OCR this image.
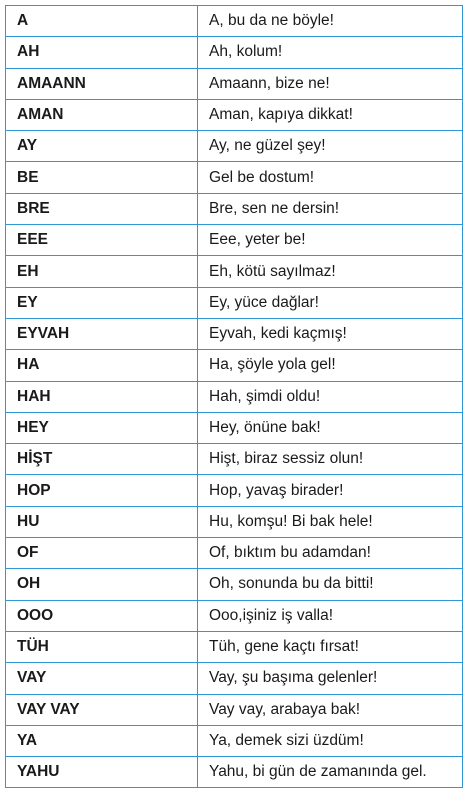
A	A, bu da ne böyle!
AH	Ah, kolum!
AMAANN	Amaann, bize ne!
AMAN	Aman, kapıya dikkat!
AY	Ay, ne güzel şey!
BE	Gel be dostum!
BRE	Bre, sen ne dersin!
EEE	Eee, yeter be!
EH	Eh, kötü sayılmaz!
EY	Ey, yüce dağlar!
EYVAH	Eyvah, kedi kaçmış!
HA	Ha, şöyle yola gel!
HAH	Hah, şimdi oldu!
HEY	Hey, önüne bak!
HİŞT	Hişt, biraz sessiz olun!
HOP	Hop, yavaş birader!
HU	Hu, komşu! Bi bak hele!
OF	Of, bıktım bu adamdan!
OH	Oh, sonunda bu da bitti!
OOO	Ooo,işiniz iş valla!
TÜH	Tüh, gene kaçtı fırsat!
VAY	Vay, şu başıma gelenler!
VAY VAY	Vay vay, arabaya bak!
YA	Ya, demek sizi üzdüm!
YAHU	Yahu, bi gün de zamanında gel.
